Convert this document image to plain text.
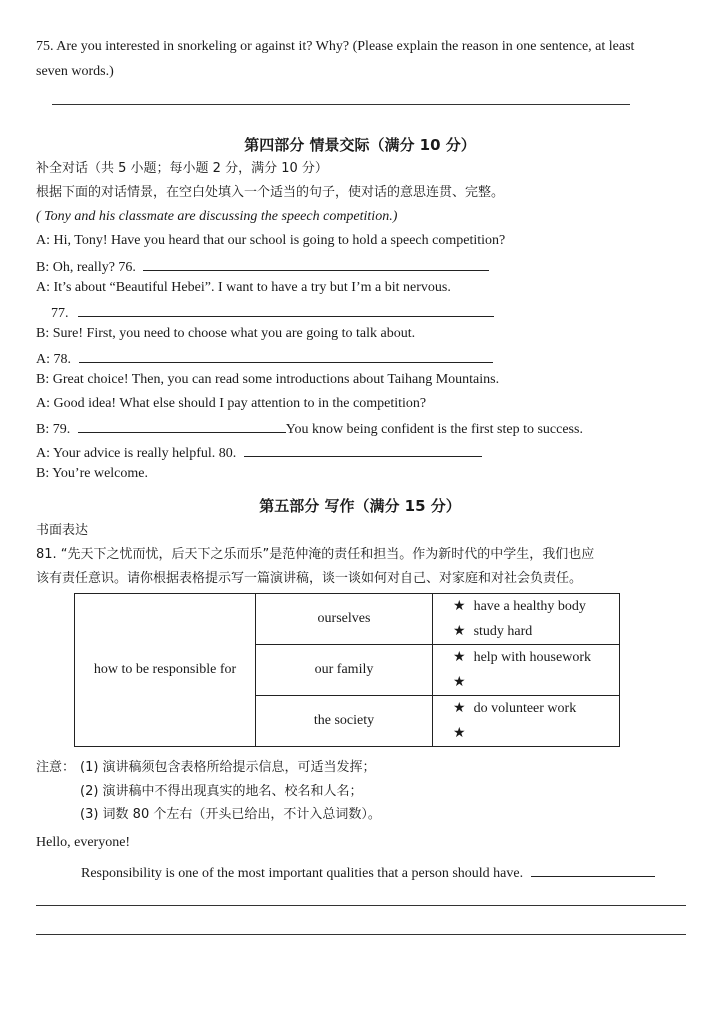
75. Are you interested in snorkeling or against it? Why? (Please explain the reason in one sentence, at least
seven words.)
第四部分 情景交际（满分 10 分）
补全对话（共 5 小题；每小题 2 分，满分 10 分）
根据下面的对话情景，在空白处填入一个适当的句子，使对话的意思连贯、完整。
( Tony and his classmate are discussing the speech competition.)
A: Hi, Tony! Have you heard that our school is going to hold a speech competition?
B: Oh, really? 76.
A: It’s about “Beautiful Hebei”. I want to have a try but I’m a bit nervous.
77.
B: Sure! First, you need to choose what you are going to talk about.
A: 78.
B: Great choice! Then, you can read some introductions about Taihang Mountains.
A: Good idea! What else should I pay attention to in the competition?
B: 79.	You know being confident is the first step to success.
A: Your advice is really helpful. 80.
B: You’re welcome.
第五部分 写作（满分 15 分）
书面表达
81. “先天下之忧而忧，后天下之乐而乐”是范仲淹的责任和担当。作为新时代的中学生，我们也应
该有责任意识。请你根据表格提示写一篇演讲稿，谈一谈如何对自己、对家庭和对社会负责任。
how to be responsible for	ourselves	★ have a healthy body
★ study hard

	our family	★ help with housework
★

	the society	★ do volunteer work
★
注意： (1) 演讲稿须包含表格所给提示信息，可适当发挥；
(2) 演讲稿中不得出现真实的地名、校名和人名；
(3) 词数 80 个左右（开头已给出，不计入总词数）。
Hello, everyone!
Responsibility is one of the most important qualities that a person should have.
